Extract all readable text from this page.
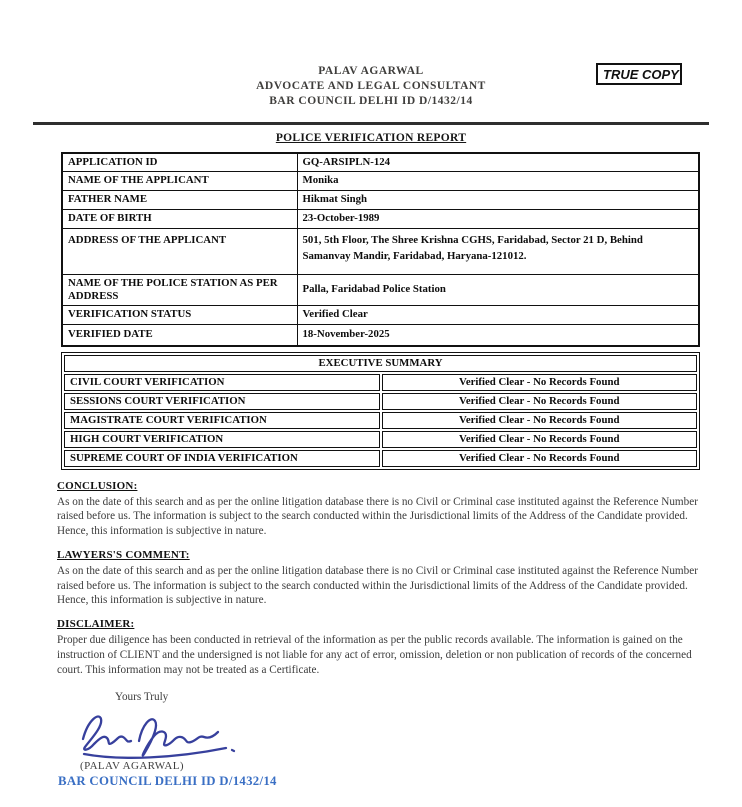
TRUE COPY
PALAV AGARWAL
ADVOCATE AND LEGAL CONSULTANT
BAR COUNCIL DELHI ID D/1432/14
POLICE VERIFICATION REPORT
APPLICATION ID	GQ-ARSIPLN-124
NAME OF THE APPLICANT	Monika
FATHER NAME	Hikmat Singh
DATE OF BIRTH	23-October-1989
ADDRESS OF THE APPLICANT	501, 5th Floor, The Shree Krishna CGHS, Faridabad, Sector 21 D, Behind Samanvay Mandir, Faridabad, Haryana-121012.
NAME OF THE POLICE STATION AS PER ADDRESS	Palla, Faridabad Police Station
VERIFICATION STATUS	Verified Clear
VERIFIED DATE	18-November-2025
EXECUTIVE SUMMARY	
CIVIL COURT VERIFICATION	Verified Clear - No Records Found
SESSIONS COURT VERIFICATION	Verified Clear - No Records Found
MAGISTRATE COURT VERIFICATION	Verified Clear - No Records Found
HIGH COURT VERIFICATION	Verified Clear - No Records Found
SUPREME COURT OF INDIA VERIFICATION	Verified Clear - No Records Found
CONCLUSION:

As on the date of this search and as per the online litigation database there is no Civil or Criminal case instituted against the Reference Number raised before us. The information is subject to the search conducted within the Jurisdictional limits of the Address of the Candidate provided. Hence, this information is subjective in nature.

LAWYERS'S COMMENT:

As on the date of this search and as per the online litigation database there is no Civil or Criminal case instituted against the Reference Number raised before us. The information is subject to the search conducted within the Jurisdictional limits of the Address of the Candidate provided. Hence, this information is subjective in nature.

DISCLAIMER:

Proper due diligence has been conducted in retrieval of the information as per the public records available. The information is gained on the instruction of CLIENT and the undersigned is not liable for any act of error, omission, deletion or non publication of records of the concerned court. This information may not be treated as a Certificate.

Yours Truly
(PALAV AGARWAL)
BAR COUNCIL DELHI ID D/1432/14
